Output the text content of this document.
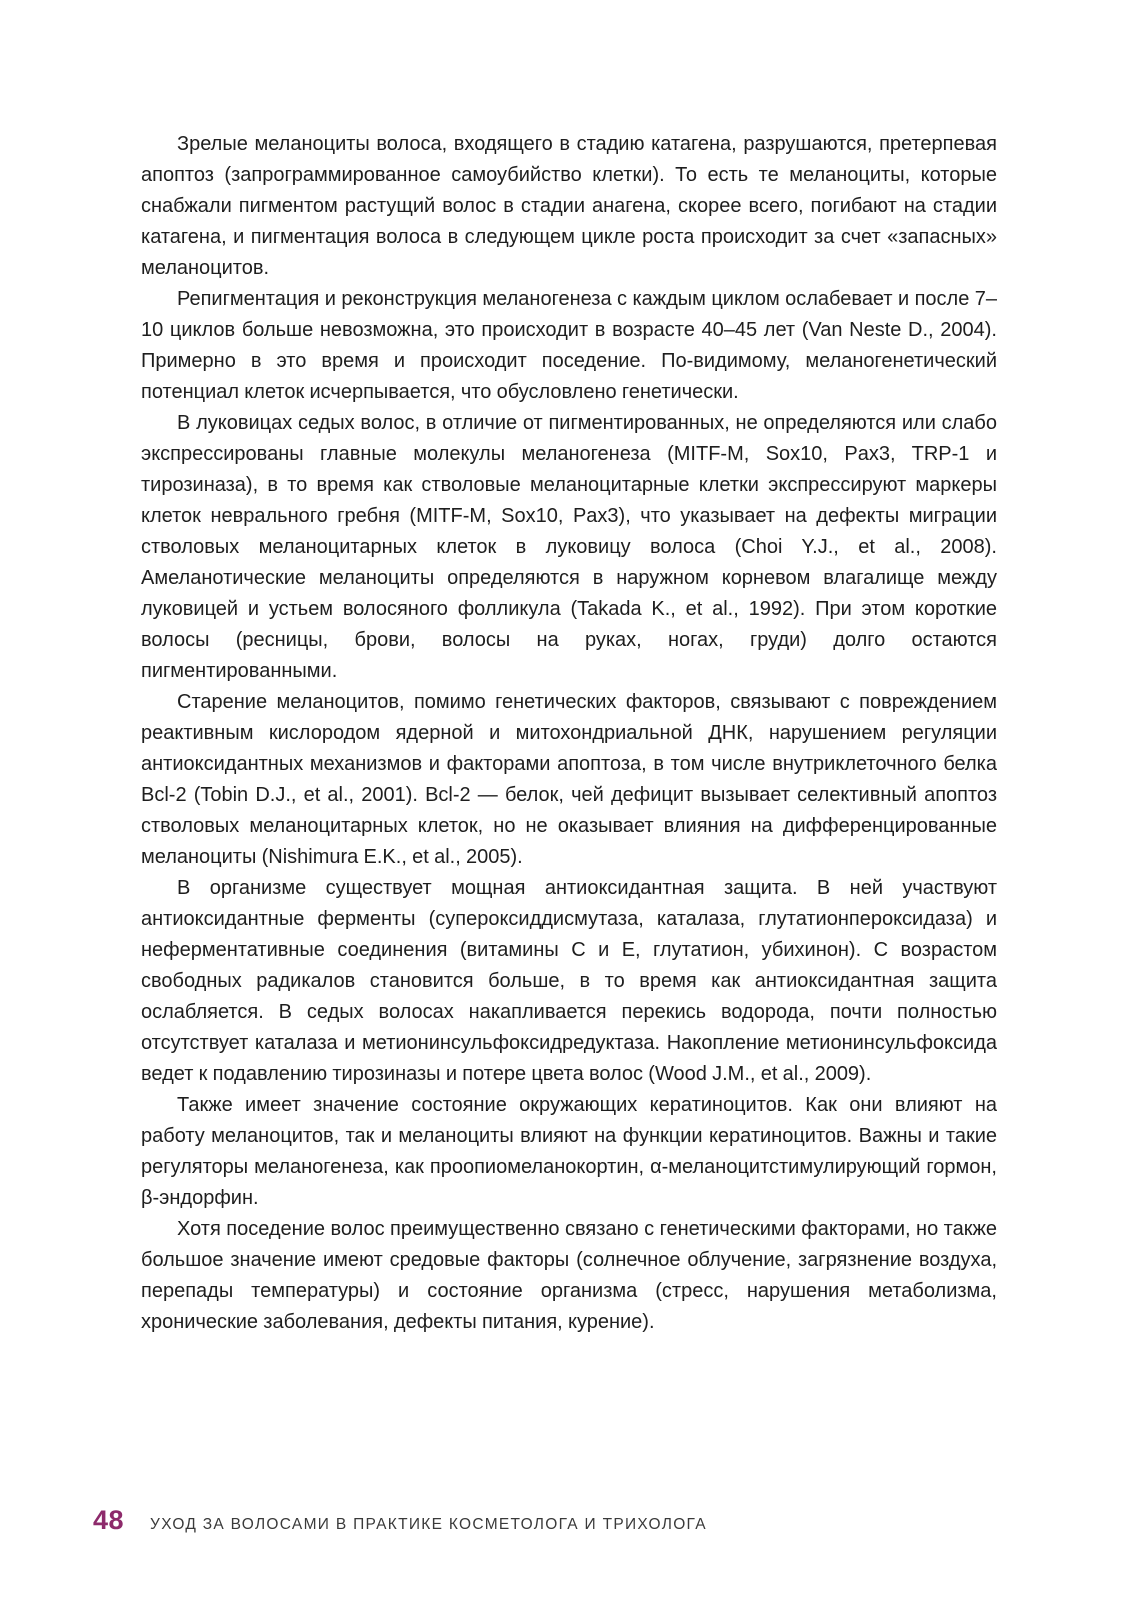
Зрелые меланоциты волоса, входящего в стадию катагена, разрушаются, претерпевая апоптоз (запрограммированное самоубийство клетки). То есть те меланоциты, которые снабжали пигментом растущий волос в стадии анагена, скорее всего, погибают на стадии катагена, и пигментация волоса в следующем цикле роста происходит за счет «запасных» меланоцитов.

Репигментация и реконструкция меланогенеза с каждым циклом ослабевает и после 7–10 циклов больше невозможна, это происходит в возрасте 40–45 лет (Van Neste D., 2004). Примерно в это время и происходит поседение. По-видимому, меланогенетический потенциал клеток исчерпывается, что обусловлено генетически.

В луковицах седых волос, в отличие от пигментированных, не определяются или слабо экспрессированы главные молекулы меланогенеза (MITF-M, Sox10, Pax3, TRP-1 и тирозиназа), в то время как стволовые меланоцитарные клетки экспрессируют маркеры клеток неврального гребня (MITF-M, Sox10, Pax3), что указывает на дефекты миграции стволовых меланоцитарных клеток в луковицу волоса (Choi Y.J., et al., 2008). Амеланотические меланоциты определяются в наружном корневом влагалище между луковицей и устьем волосяного фолликула (Takada K., et al., 1992). При этом короткие волосы (ресницы, брови, волосы на руках, ногах, груди) долго остаются пигментированными.

Старение меланоцитов, помимо генетических факторов, связывают с повреждением реактивным кислородом ядерной и митохондриальной ДНК, нарушением регуляции антиоксидантных механизмов и факторами апоптоза, в том числе внутриклеточного белка Bcl-2 (Tobin D.J., et al., 2001). Bcl-2 — белок, чей дефицит вызывает селективный апоптоз стволовых меланоцитарных клеток, но не оказывает влияния на дифференцированные меланоциты (Nishimura E.K., et al., 2005).

В организме существует мощная антиоксидантная защита. В ней участвуют антиоксидантные ферменты (супероксиддисмутаза, каталаза, глутатионпероксидаза) и неферментативные соединения (витамины С и Е, глутатион, убихинон). С возрастом свободных радикалов становится больше, в то время как антиоксидантная защита ослабляется. В седых волосах накапливается перекись водорода, почти полностью отсутствует каталаза и метионинсульфоксидредуктаза. Накопление метионинсульфоксида ведет к подавлению тирозиназы и потере цвета волос (Wood J.M., et al., 2009).

Также имеет значение состояние окружающих кератиноцитов. Как они влияют на работу меланоцитов, так и меланоциты влияют на функции кератиноцитов. Важны и такие регуляторы меланогенеза, как проопиомеланокортин, α-меланоцитстимулирующий гормон, β-эндорфин.

Хотя поседение волос преимущественно связано с генетическими факторами, но также большое значение имеют средовые факторы (солнечное облучение, загрязнение воздуха, перепады температуры) и состояние организма (стресс, нарушения метаболизма, хронические заболевания, дефекты питания, курение).

48 УХОД ЗА ВОЛОСАМИ В ПРАКТИКЕ КОСМЕТОЛОГА И ТРИХОЛОГА
